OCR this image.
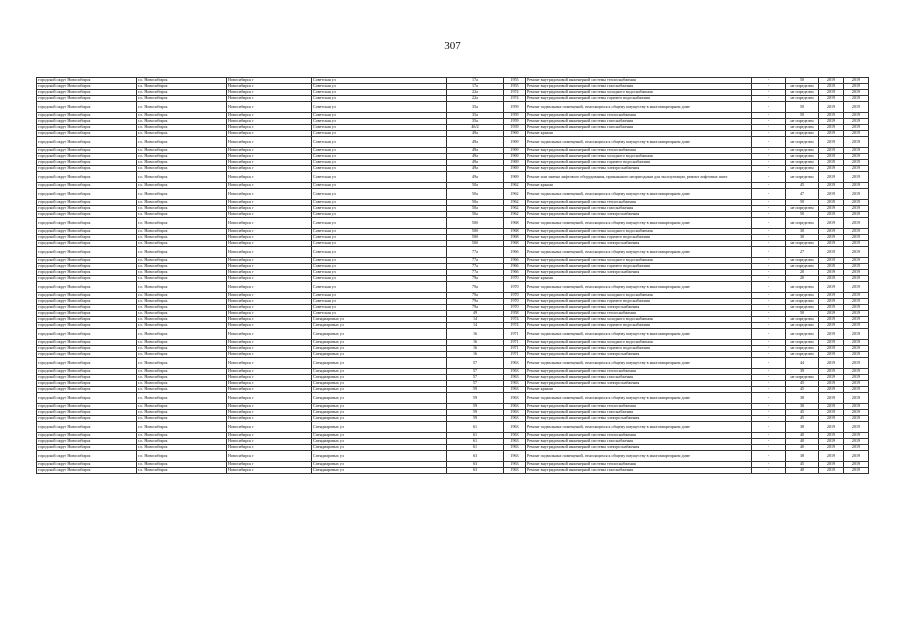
307
городской округ Новосибирск	г.о. Новосибирск	Новосибирск г	Советская ул	17а	1955	Ремонт внутридомовой инженерной системы теплоснабжения	-	50	2019	2019
городской округ Новосибирск	г.о. Новосибирск	Новосибирск г	Советская ул	17а	1955	Ремонт внутридомовой инженерной системы газоснабжения	-	не определен	2019	2019
городской округ Новосибирск	г.о. Новосибирск	Новосибирск г	Советская ул	22а	1974	Ремонт внутридомовой инженерной системы холодного водоснабжения	-	не определен	2019	2019
городской округ Новосибирск	г.о. Новосибирск	Новосибирск г	Советская ул	22а	1974	Ремонт внутридомовой инженерной системы горячего водоснабжения	-	не определен	2019	2019
городской округ Новосибирск	г.о. Новосибирск	Новосибирск г	Советская ул	35а	1959	Ремонт подвальных помещений, относящихся к общему имуществу в многоквартирном доме	-	50	2019	2019
городской округ Новосибирск	г.о. Новосибирск	Новосибирск г	Советская ул	35а	1959	Ремонт внутридомовой инженерной системы теплоснабжения	-	50	2019	2019
городской округ Новосибирск	г.о. Новосибирск	Новосибирск г	Советская ул	35а	1959	Ремонт внутридомовой инженерной системы газоснабжения	-	не определен	2019	2019
городской округ Новосибирск	г.о. Новосибирск	Новосибирск г	Советская ул	46/2	1939	Ремонт внутридомовой инженерной системы газоснабжения	-	не определен	2019	2019
городской округ Новосибирск	г.о. Новосибирск	Новосибирск г	Советская ул	49а	1969	Ремонт крыши	-	не определен	2019	2019
городской округ Новосибирск	г.о. Новосибирск	Новосибирск г	Советская ул	49а	1969	Ремонт подвальных помещений, относящихся к общему имуществу в многоквартирном доме	-	не определен	2019	2019
городской округ Новосибирск	г.о. Новосибирск	Новосибирск г	Советская ул	49а	1969	Ремонт внутридомовой инженерной системы теплоснабжения	-	не определен	2019	2019
городской округ Новосибирск	г.о. Новосибирск	Новосибирск г	Советская ул	49а	1969	Ремонт внутридомовой инженерной системы холодного водоснабжения	-	не определен	2019	2019
городской округ Новосибирск	г.о. Новосибирск	Новосибирск г	Советская ул	49а	1969	Ремонт внутридомовой инженерной системы горячего водоснабжения	-	не определен	2019	2019
городской округ Новосибирск	г.о. Новосибирск	Новосибирск г	Советская ул	49а	1969	Ремонт внутридомовой инженерной системы электроснабжения	-	не определен	2019	2019
городской округ Новосибирск	г.о. Новосибирск	Новосибирск г	Советская ул	49а	1969	Ремонт или замена лифтового оборудования, признанного непригодным для эксплуатации, ремонт лифтовых шахт	-	не определен	2019	2019
городской округ Новосибирск	г.о. Новосибирск	Новосибирск г	Советская ул	50а	1962	Ремонт крыши	-	45	2019	2019
городской округ Новосибирск	г.о. Новосибирск	Новосибирск г	Советская ул	50а	1962	Ремонт подвальных помещений, относящихся к общему имуществу в многоквартирном доме	-	47	2019	2019
городской округ Новосибирск	г.о. Новосибирск	Новосибирск г	Советская ул	50а	1962	Ремонт внутридомовой инженерной системы теплоснабжения	-	50	2019	2019
городской округ Новосибирск	г.о. Новосибирск	Новосибирск г	Советская ул	50а	1962	Ремонт внутридомовой инженерной системы газоснабжения	-	не определен	2019	2019
городской округ Новосибирск	г.о. Новосибирск	Новосибирск г	Советская ул	50а	1962	Ремонт внутридомовой инженерной системы электроснабжения	-	50	2019	2019
городской округ Новосибирск	г.о. Новосибирск	Новосибирск г	Советская ул	50б	1968	Ремонт подвальных помещений, относящихся к общему имуществу в многоквартирном доме	-	не определен	2019	2019
городской округ Новосибирск	г.о. Новосибирск	Новосибирск г	Советская ул	50б	1968	Ремонт внутридомовой инженерной системы холодного водоснабжения	-	30	2019	2019
городской округ Новосибирск	г.о. Новосибирск	Новосибирск г	Советская ул	50б	1968	Ремонт внутридомовой инженерной системы горячего водоснабжения	-	30	2019	2019
городской округ Новосибирск	г.о. Новосибирск	Новосибирск г	Советская ул	50б	1968	Ремонт внутридомовой инженерной системы электроснабжения	-	не определен	2019	2019
городской округ Новосибирск	г.о. Новосибирск	Новосибирск г	Советская ул	77а	1966	Ремонт подвальных помещений, относящихся к общему имуществу в многоквартирном доме	-	27	2019	2019
городской округ Новосибирск	г.о. Новосибирск	Новосибирск г	Советская ул	77а	1966	Ремонт внутридомовой инженерной системы холодного водоснабжения	-	не определен	2019	2019
городской округ Новосибирск	г.о. Новосибирск	Новосибирск г	Советская ул	77а	1966	Ремонт внутридомовой инженерной системы горячего водоснабжения	-	не определен	2019	2019
городской округ Новосибирск	г.о. Новосибирск	Новосибирск г	Советская ул	77а	1966	Ремонт внутридомовой инженерной системы электроснабжения	-	20	2019	2019
городской округ Новосибирск	г.о. Новосибирск	Новосибирск г	Советская ул	79а	1970	Ремонт крыши	-	20	2019	2019
городской округ Новосибирск	г.о. Новосибирск	Новосибирск г	Советская ул	79а	1970	Ремонт подвальных помещений, относящихся к общему имуществу в многоквартирном доме	-	не определен	2019	2019
городской округ Новосибирск	г.о. Новосибирск	Новосибирск г	Советская ул	79а	1970	Ремонт внутридомовой инженерной системы холодного водоснабжения	-	не определен	2019	2019
городской округ Новосибирск	г.о. Новосибирск	Новосибирск г	Советская ул	79а	1970	Ремонт внутридомовой инженерной системы горячего водоснабжения	-	не определен	2019	2019
городской округ Новосибирск	г.о. Новосибирск	Новосибирск г	Советская ул	79а	1970	Ремонт внутридомовой инженерной системы электроснабжения	-	не определен	2019	2019
городской округ Новосибирск	г.о. Новосибирск	Новосибирск г	Советская ул	49	1958	Ремонт внутридомовой инженерной системы теплоснабжения	-	50	2019	2019
городской округ Новосибирск	г.о. Новосибирск	Новосибирск г	Спендиаровых ул	14	1974	Ремонт внутридомовой инженерной системы холодного водоснабжения	-	не определен	2019	2019
городской округ Новосибирск	г.о. Новосибирск	Новосибирск г	Спендиаровых ул	14	1974	Ремонт внутридомовой инженерной системы горячего водоснабжения	-	не определен	2019	2019
городской округ Новосибирск	г.о. Новосибирск	Новосибирск г	Спендиаровых ул	16	1971	Ремонт подвальных помещений, относящихся к общему имуществу в многоквартирном доме	-	не определен	2019	2019
городской округ Новосибирск	г.о. Новосибирск	Новосибирск г	Спендиаровых ул	16	1971	Ремонт внутридомовой инженерной системы холодного водоснабжения	-	не определен	2019	2019
городской округ Новосибирск	г.о. Новосибирск	Новосибирск г	Спендиаровых ул	16	1971	Ремонт внутридомовой инженерной системы горячего водоснабжения	-	не определен	2019	2019
городской округ Новосибирск	г.о. Новосибирск	Новосибирск г	Спендиаровых ул	16	1971	Ремонт внутридомовой инженерной системы электроснабжения	-	не определен	2019	2019
городской округ Новосибирск	г.о. Новосибирск	Новосибирск г	Спендиаровых ул	57	1963	Ремонт подвальных помещений, относящихся к общему имуществу в многоквартирном доме	-	44	2019	2019
городской округ Новосибирск	г.о. Новосибирск	Новосибирск г	Спендиаровых ул	57	1963	Ремонт внутридомовой инженерной системы теплоснабжения	-	39	2019	2019
городской округ Новосибирск	г.о. Новосибирск	Новосибирск г	Спендиаровых ул	57	1963	Ремонт внутридомовой инженерной системы газоснабжения	-	не определен	2019	2019
городской округ Новосибирск	г.о. Новосибирск	Новосибирск г	Спендиаровых ул	57	1963	Ремонт внутридомовой инженерной системы электроснабжения	-	45	2019	2019
городской округ Новосибирск	г.о. Новосибирск	Новосибирск г	Спендиаровых ул	59	1963	Ремонт крыши	-	45	2019	2019
городской округ Новосибирск	г.о. Новосибирск	Новосибирск г	Спендиаровых ул	59	1963	Ремонт подвальных помещений, относящихся к общему имуществу в многоквартирном доме	-	38	2019	2019
городской округ Новосибирск	г.о. Новосибирск	Новосибирск г	Спендиаровых ул	59	1963	Ремонт внутридомовой инженерной системы теплоснабжения	-	30	2019	2019
городской округ Новосибирск	г.о. Новосибирск	Новосибирск г	Спендиаровых ул	59	1963	Ремонт внутридомовой инженерной системы газоснабжения	-	45	2019	2019
городской округ Новосибирск	г.о. Новосибирск	Новосибирск г	Спендиаровых ул	59	1963	Ремонт внутридомовой инженерной системы электроснабжения	-	45	2019	2019
городской округ Новосибирск	г.о. Новосибирск	Новосибирск г	Спендиаровых ул	61	1963	Ремонт подвальных помещений, относящихся к общему имуществу в многоквартирном доме	-	38	2019	2019
городской округ Новосибирск	г.о. Новосибирск	Новосибирск г	Спендиаровых ул	61	1963	Ремонт внутридомовой инженерной системы теплоснабжения	-	40	2019	2019
городской округ Новосибирск	г.о. Новосибирск	Новосибирск г	Спендиаровых ул	61	1963	Ремонт внутридомовой инженерной системы газоснабжения	-	40	2019	2019
городской округ Новосибирск	г.о. Новосибирск	Новосибирск г	Спендиаровых ул	61	1963	Ремонт внутридомовой инженерной системы электроснабжения	-	40	2019	2019
городской округ Новосибирск	г.о. Новосибирск	Новосибирск г	Спендиаровых ул	63	1963	Ремонт подвальных помещений, относящихся к общему имуществу в многоквартирном доме	-	38	2019	2019
городской округ Новосибирск	г.о. Новосибирск	Новосибирск г	Спендиаровых ул	63	1963	Ремонт внутридомовой инженерной системы теплоснабжения	-	45	2019	2019
городской округ Новосибирск	г.о. Новосибирск	Новосибирск г	Спендиаровых ул	63	1963	Ремонт внутридомовой инженерной системы газоснабжения	-	40	2019	2019
